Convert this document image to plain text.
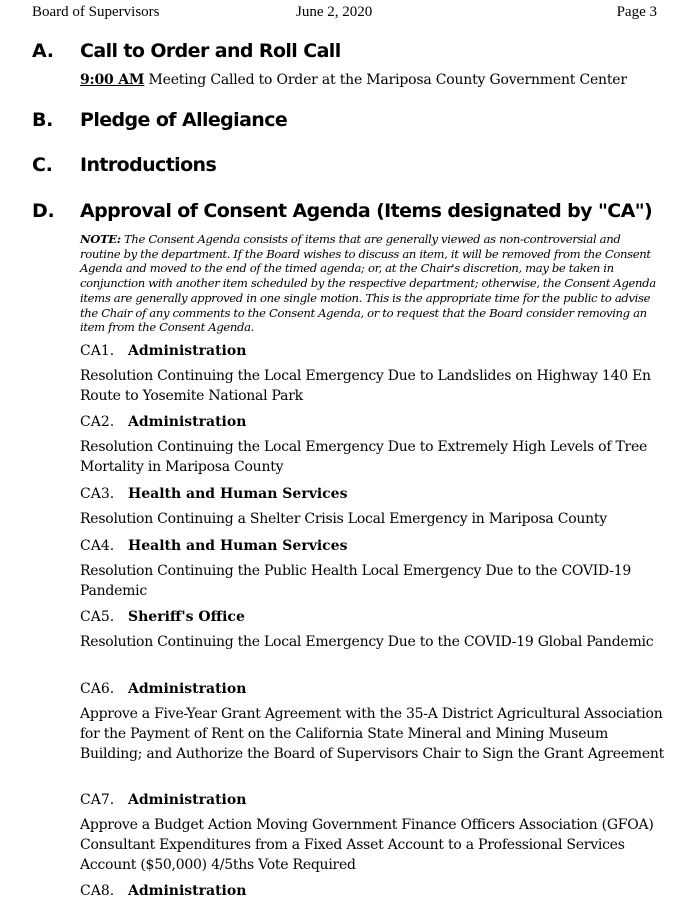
Board of Supervisors	June 2, 2020	Page 3
A. Call to Order and Roll Call
9:00 AM Meeting Called to Order at the Mariposa County Government Center
B. Pledge of Allegiance
C. Introductions
D. Approval of Consent Agenda (Items designated by "CA")
NOTE: The Consent Agenda consists of items that are generally viewed as non-controversial and routine by the department. If the Board wishes to discuss an item, it will be removed from the Consent Agenda and moved to the end of the timed agenda; or, at the Chair's discretion, may be taken in conjunction with another item scheduled by the respective department; otherwise, the Consent Agenda items are generally approved in one single motion. This is the appropriate time for the public to advise the Chair of any comments to the Consent Agenda, or to request that the Board consider removing an item from the Consent Agenda.
CA1. Administration
Resolution Continuing the Local Emergency Due to Landslides on Highway 140 En Route to Yosemite National Park
CA2. Administration
Resolution Continuing the Local Emergency Due to Extremely High Levels of Tree Mortality in Mariposa County
CA3. Health and Human Services
Resolution Continuing a Shelter Crisis Local Emergency in Mariposa County
CA4. Health and Human Services
Resolution Continuing the Public Health Local Emergency Due to the COVID-19 Pandemic
CA5. Sheriff's Office
Resolution Continuing the Local Emergency Due to the COVID-19 Global Pandemic
CA6. Administration
Approve a Five-Year Grant Agreement with the 35-A District Agricultural Association for the Payment of Rent on the California State Mineral and Mining Museum Building; and Authorize the Board of Supervisors Chair to Sign the Grant Agreement
CA7. Administration
Approve a Budget Action Moving Government Finance Officers Association (GFOA) Consultant Expenditures from a Fixed Asset Account to a Professional Services Account ($50,000) 4/5ths Vote Required
CA8. Administration
